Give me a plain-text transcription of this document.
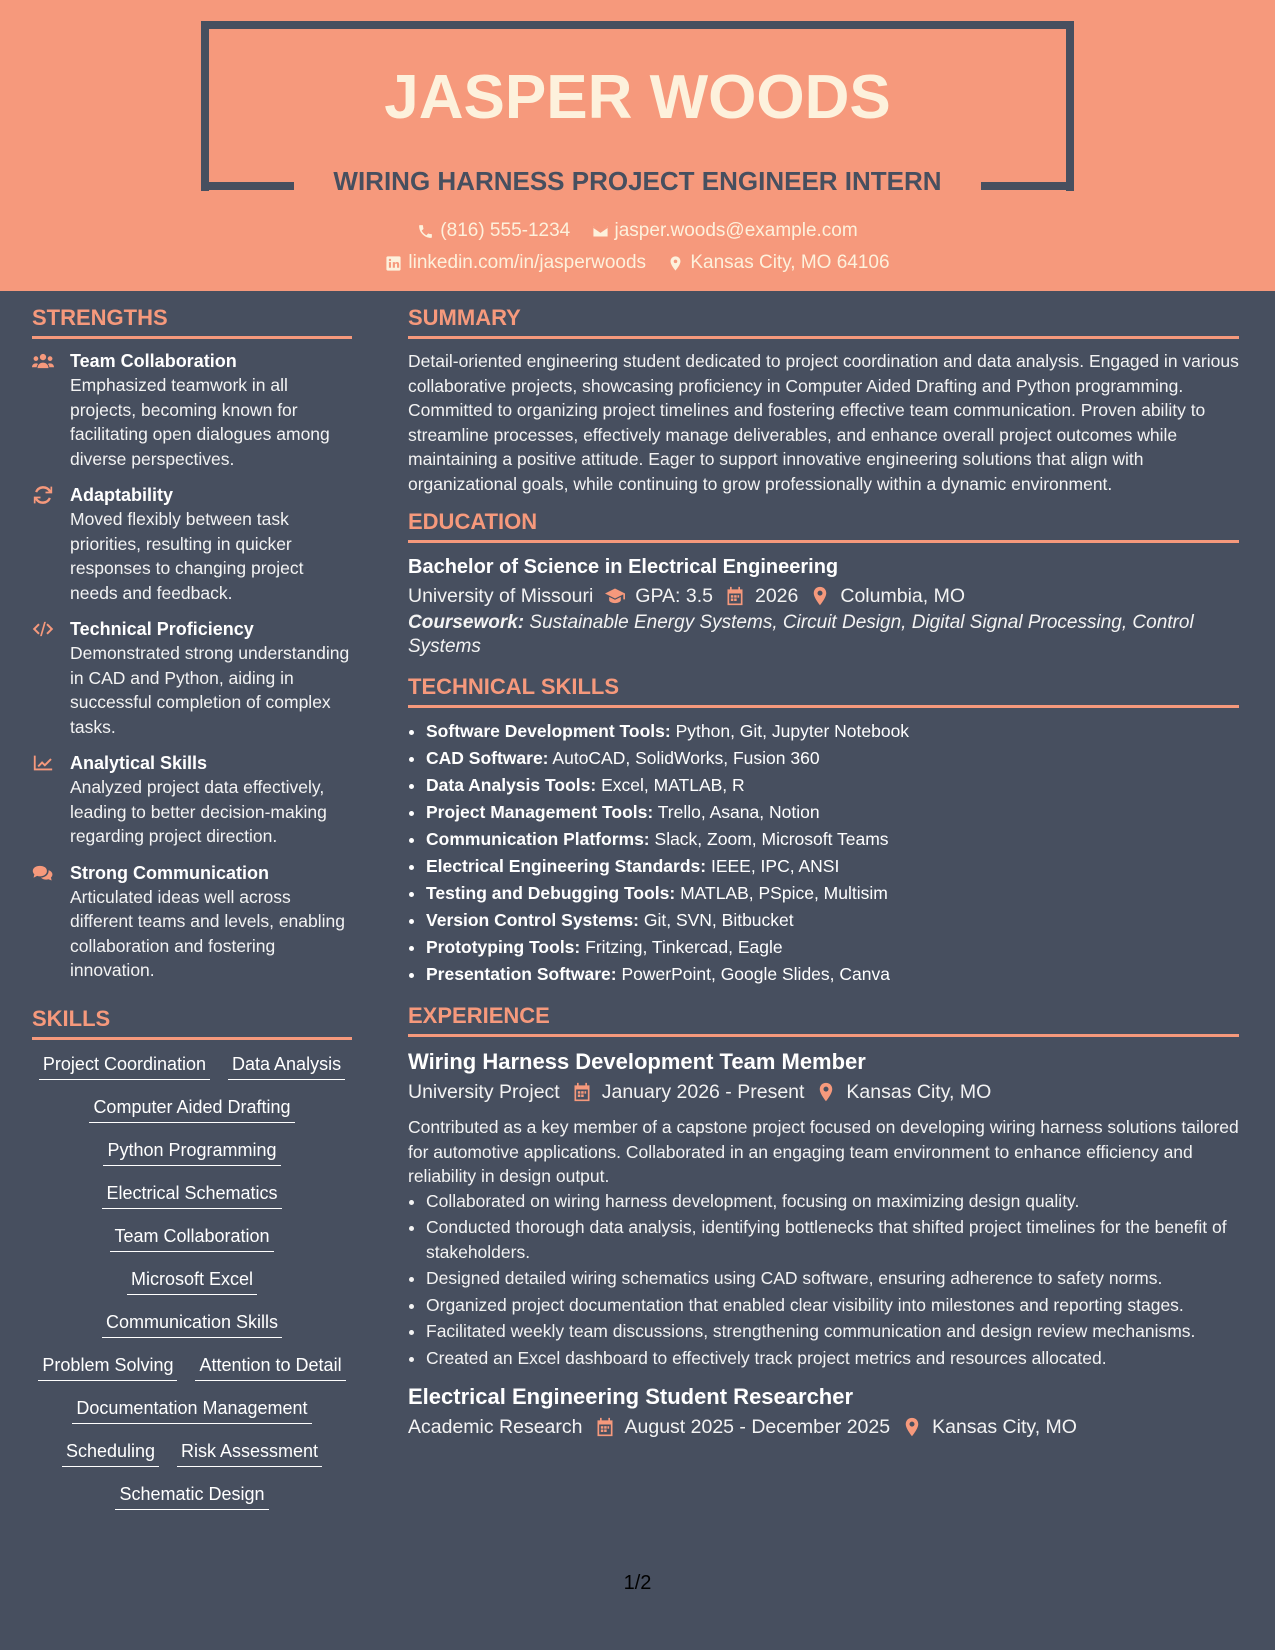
JASPER WOODS
WIRING HARNESS PROJECT ENGINEER INTERN
(816) 555-1234
jasper.woods@example.com
linkedin.com/in/jasperwoods
Kansas City, MO 64106
STRENGTHS
Team Collaboration
Emphasized teamwork in all projects, becoming known for facilitating open dialogues among diverse perspectives.
Adaptability
Moved flexibly between task priorities, resulting in quicker responses to changing project needs and feedback.
Technical Proficiency
Demonstrated strong understanding in CAD and Python, aiding in successful completion of complex tasks.
Analytical Skills
Analyzed project data effectively, leading to better decision-making regarding project direction.
Strong Communication
Articulated ideas well across different teams and levels, enabling collaboration and fostering innovation.
SKILLS
Project Coordination Data Analysis
Computer Aided Drafting
Python Programming
Electrical Schematics
Team Collaboration
Microsoft Excel
Communication Skills
Problem Solving Attention to Detail
Documentation Management
Scheduling Risk Assessment
Schematic Design
SUMMARY
Detail-oriented engineering student dedicated to project coordination and data analysis. Engaged in various collaborative projects, showcasing proficiency in Computer Aided Drafting and Python programming. Committed to organizing project timelines and fostering effective team communication. Proven ability to streamline processes, effectively manage deliverables, and enhance overall project outcomes while maintaining a positive attitude. Eager to support innovative engineering solutions that align with organizational goals, while continuing to grow professionally within a dynamic environment.
EDUCATION
Bachelor of Science in Electrical Engineering
University of Missouri GPA: 3.5 2026 Columbia, MO
Coursework: Sustainable Energy Systems, Circuit Design, Digital Signal Processing, Control Systems
TECHNICAL SKILLS
• Software Development Tools: Python, Git, Jupyter Notebook
• CAD Software: AutoCAD, SolidWorks, Fusion 360
• Data Analysis Tools: Excel, MATLAB, R
• Project Management Tools: Trello, Asana, Notion
• Communication Platforms: Slack, Zoom, Microsoft Teams
• Electrical Engineering Standards: IEEE, IPC, ANSI
• Testing and Debugging Tools: MATLAB, PSpice, Multisim
• Version Control Systems: Git, SVN, Bitbucket
• Prototyping Tools: Fritzing, Tinkercad, Eagle
• Presentation Software: PowerPoint, Google Slides, Canva
EXPERIENCE
Wiring Harness Development Team Member
University Project January 2026 - Present Kansas City, MO
Contributed as a key member of a capstone project focused on developing wiring harness solutions tailored for automotive applications. Collaborated in an engaging team environment to enhance efficiency and reliability in design output.
• Collaborated on wiring harness development, focusing on maximizing design quality.
• Conducted thorough data analysis, identifying bottlenecks that shifted project timelines for the benefit of stakeholders.
• Designed detailed wiring schematics using CAD software, ensuring adherence to safety norms.
• Organized project documentation that enabled clear visibility into milestones and reporting stages.
• Facilitated weekly team discussions, strengthening communication and design review mechanisms.
• Created an Excel dashboard to effectively track project metrics and resources allocated.
Electrical Engineering Student Researcher
Academic Research August 2025 - December 2025 Kansas City, MO
1/2
